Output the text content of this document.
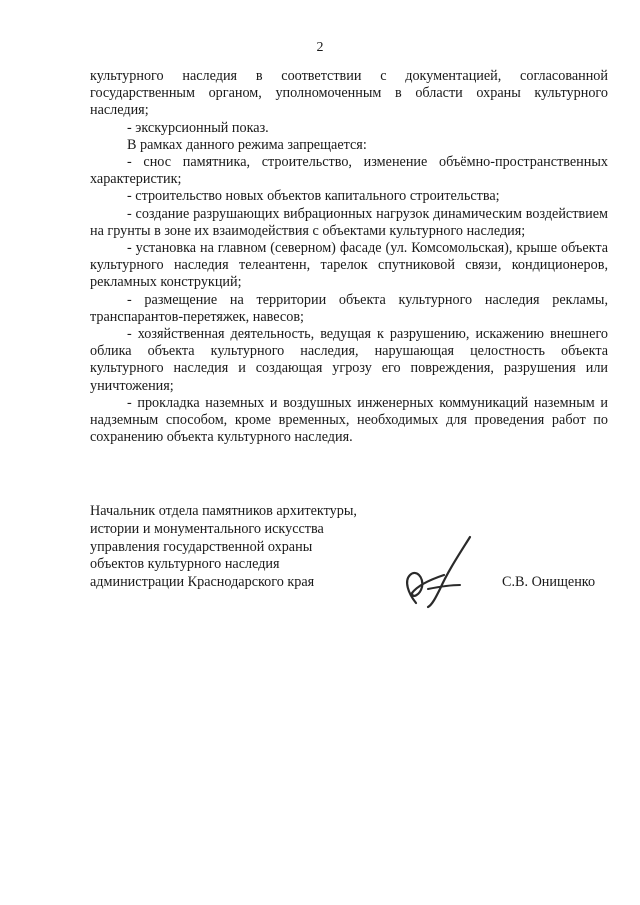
2

культурного наследия в соответствии с документацией, согласованной государственным органом, уполномоченным в области охраны культурного наследия;

- экскурсионный показ.

В рамках данного режима запрещается:

- снос памятника, строительство, изменение объёмно-пространственных характеристик;

- строительство новых объектов капитального строительства;

- создание разрушающих вибрационных нагрузок динамическим воздействием на грунты в зоне их взаимодействия с объектами культурного наследия;

- установка на главном (северном) фасаде (ул. Комсомольская), крыше объекта культурного наследия телеантенн, тарелок спутниковой связи, кондиционеров, рекламных конструкций;

- размещение на территории объекта культурного наследия рекламы, транспарантов-перетяжек, навесов;

- хозяйственная деятельность, ведущая к разрушению, искажению внешнего облика объекта культурного наследия, нарушающая целостность объекта культурного наследия и создающая угрозу его повреждения, разрушения или уничтожения;

- прокладка наземных и воздушных инженерных коммуникаций наземным и надземным способом, кроме временных, необходимых для проведения работ по сохранению объекта культурного наследия.

Начальник отдела памятников архитектуры,
истории и монументального искусства
управления государственной охраны
объектов культурного наследия
администрации Краснодарского края	С.В. Онищенко
